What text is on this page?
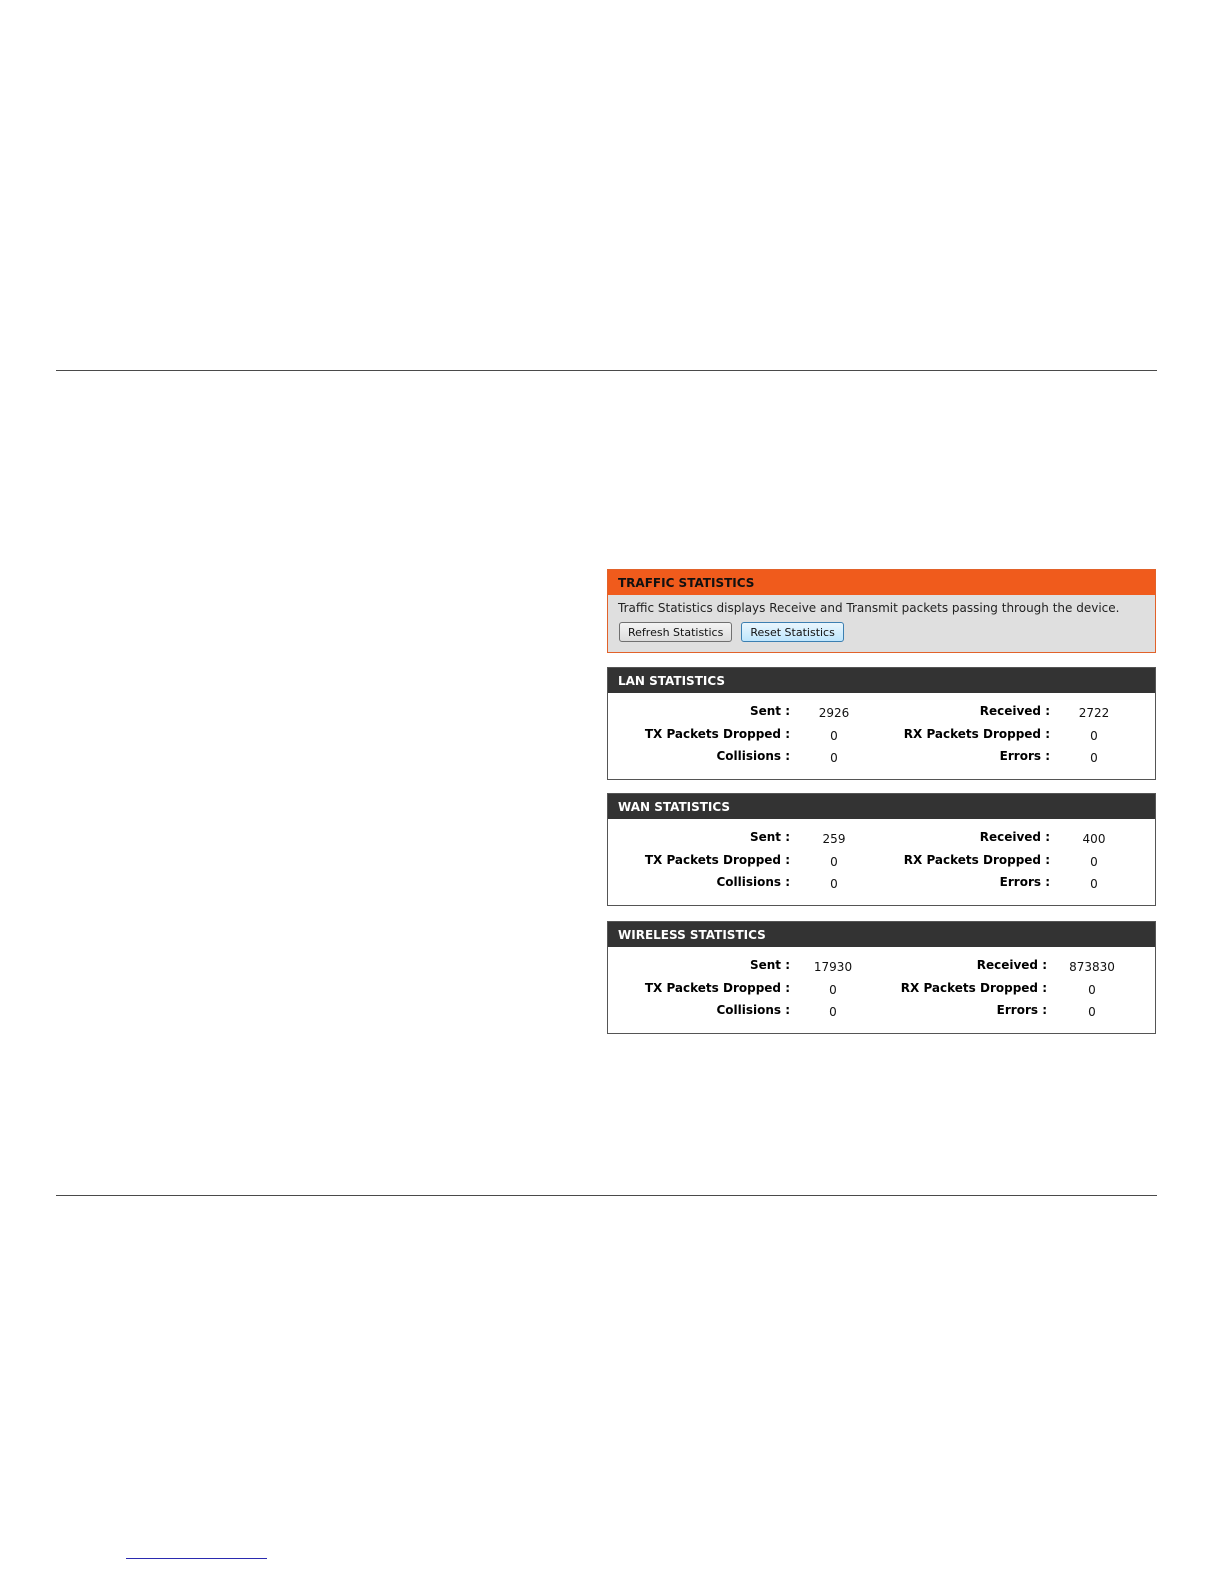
TRAFFIC STATISTICS
Traffic Statistics displays Receive and Transmit packets passing through the device.
Refresh Statistics	Reset Statistics
LAN STATISTICS
Sent :	2926	Received :	2722
TX Packets Dropped :	0	RX Packets Dropped :	0
Collisions :	0	Errors :	0
WAN STATISTICS
Sent :	259	Received :	400
TX Packets Dropped :	0	RX Packets Dropped :	0
Collisions :	0	Errors :	0
WIRELESS STATISTICS
Sent :	17930	Received :	873830
TX Packets Dropped :	0	RX Packets Dropped :	0
Collisions :	0	Errors :	0
